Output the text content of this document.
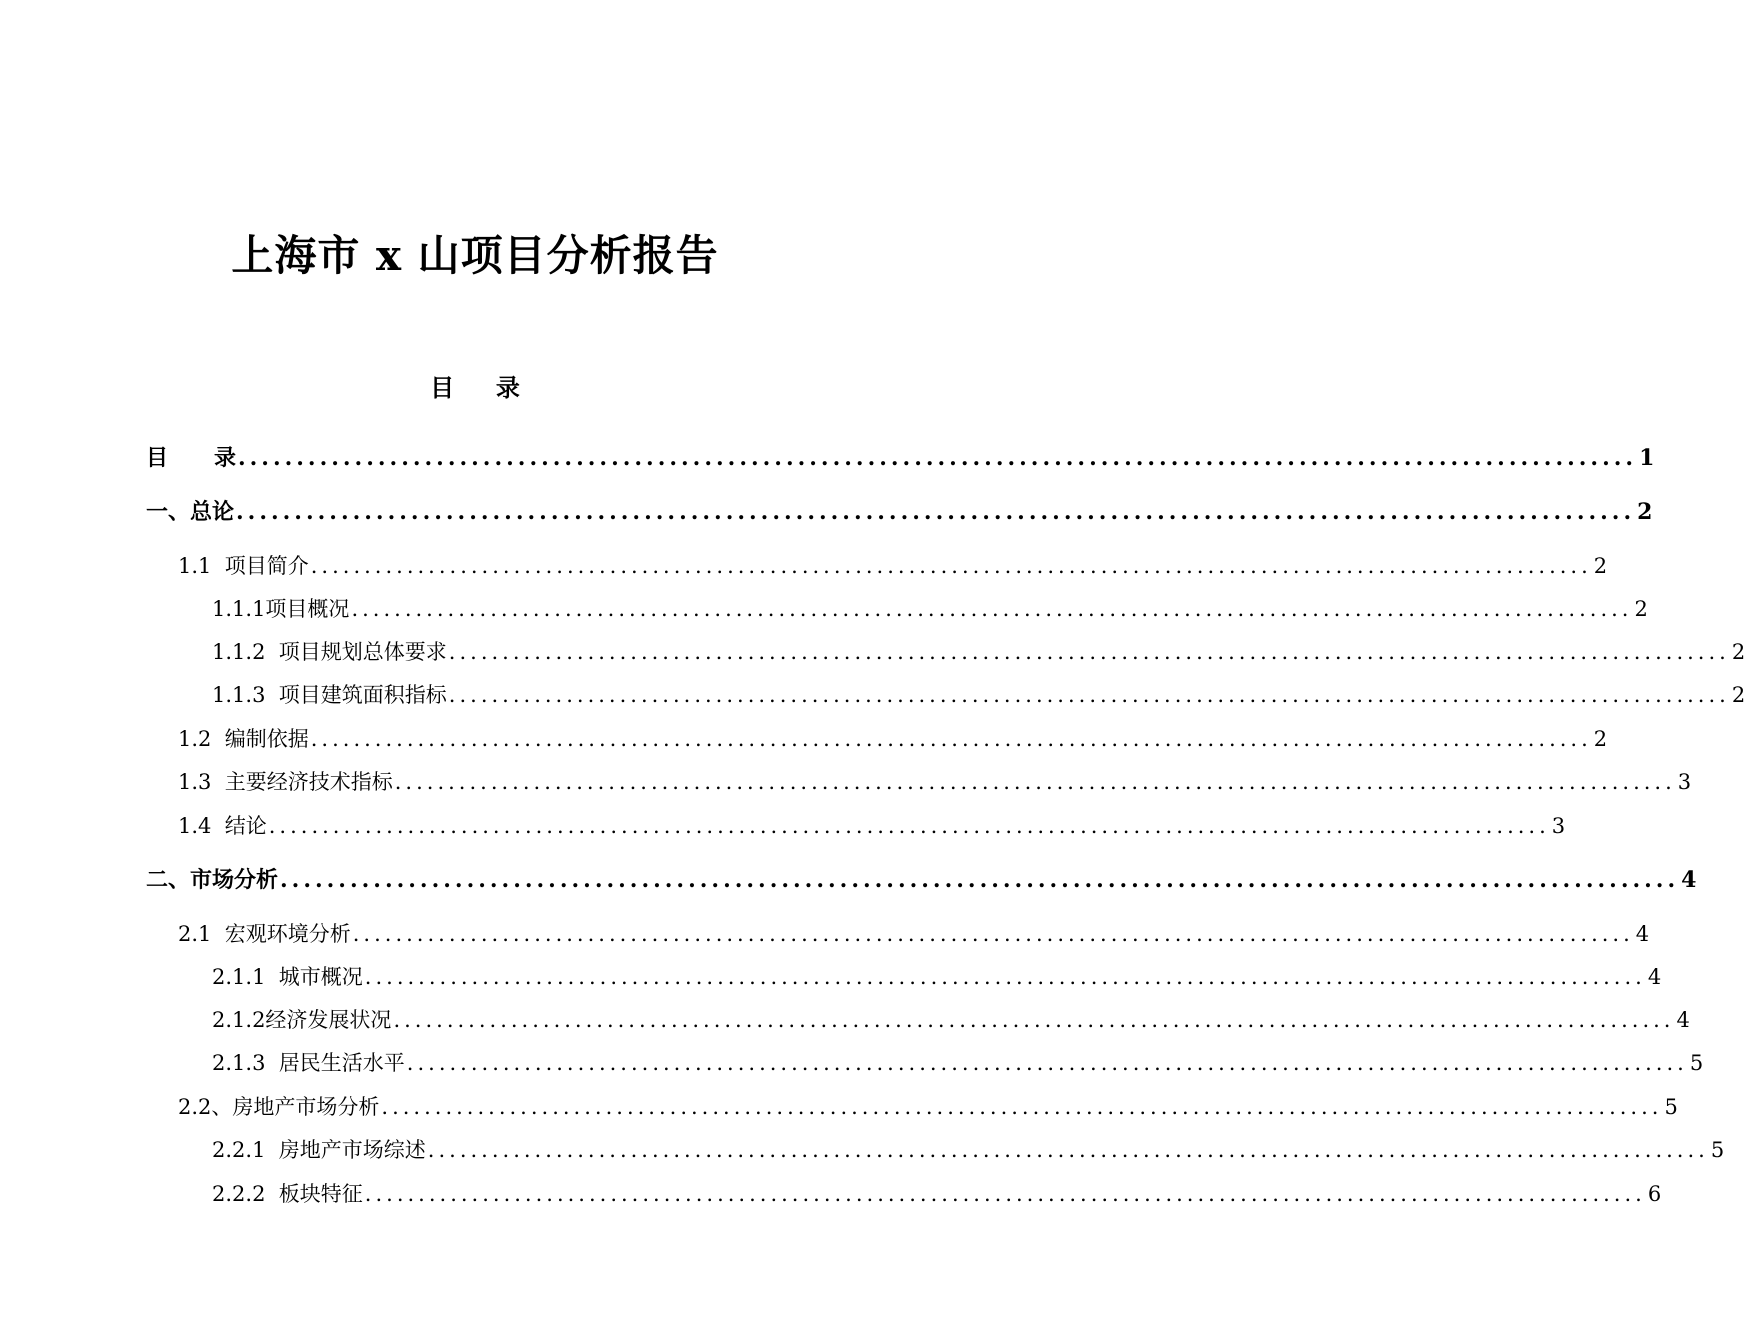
上海市 x 山项目分析报告
目     录
目      录 ........................................................................................................................ 1
一、总论 ........................................................................................................................ 2
1.1  项目简介 ........................................................................................................................ 2
1.1.1项目概况 ........................................................................................................................ 2
1.1.2  项目规划总体要求 ........................................................................................................................ 2
1.1.3  项目建筑面积指标 ........................................................................................................................ 2
1.2  编制依据 ........................................................................................................................ 2
1.3  主要经济技术指标 ........................................................................................................................ 3
1.4  结论 ........................................................................................................................ 3
二、市场分析 ........................................................................................................................ 4
2.1  宏观环境分析 ........................................................................................................................ 4
2.1.1  城市概况 ........................................................................................................................ 4
2.1.2经济发展状况 ........................................................................................................................ 4
2.1.3  居民生活水平 ........................................................................................................................ 5
2.2、房地产市场分析 ........................................................................................................................ 5
2.2.1  房地产市场综述 ........................................................................................................................ 5
2.2.2  板块特征 ........................................................................................................................ 6
